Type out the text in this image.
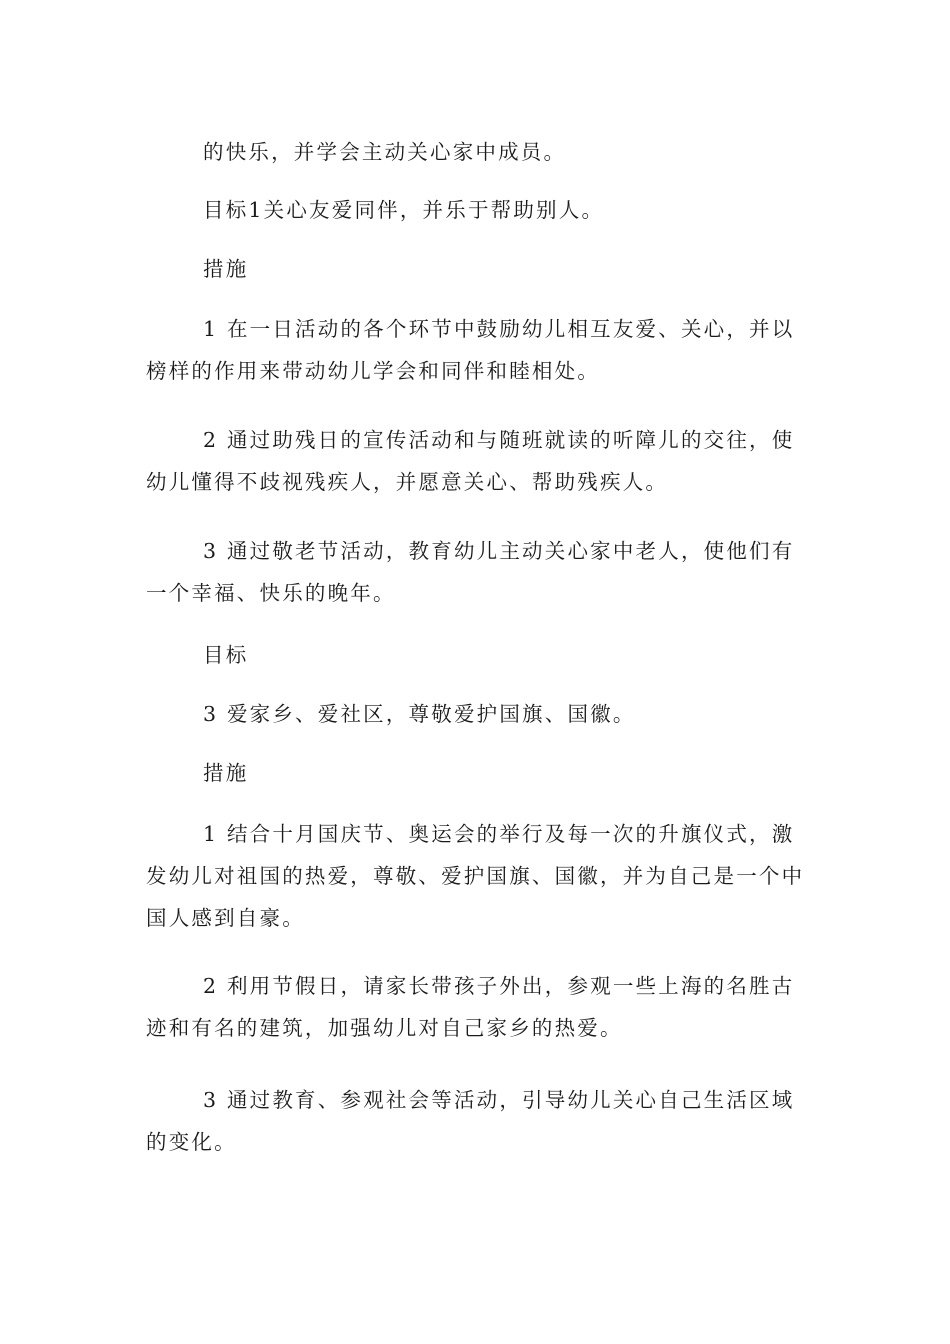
的快乐，并学会主动关心家中成员。

目标1关心友爱同伴，并乐于帮助别人。

措施

1 在一日活动的各个环节中鼓励幼儿相互友爱、关心，并以榜样的作用来带动幼儿学会和同伴和睦相处。

2 通过助残日的宣传活动和与随班就读的听障儿的交往，使幼儿懂得不歧视残疾人，并愿意关心、帮助残疾人。

3 通过敬老节活动，教育幼儿主动关心家中老人，使他们有一个幸福、快乐的晚年。

目标

3 爱家乡、爱社区，尊敬爱护国旗、国徽。

措施

1 结合十月国庆节、奥运会的举行及每一次的升旗仪式，激发幼儿对祖国的热爱，尊敬、爱护国旗、国徽，并为自己是一个中国人感到自豪。

2 利用节假日，请家长带孩子外出，参观一些上海的名胜古迹和有名的建筑，加强幼儿对自己家乡的热爱。

3 通过教育、参观社会等活动，引导幼儿关心自己生活区域的变化。
